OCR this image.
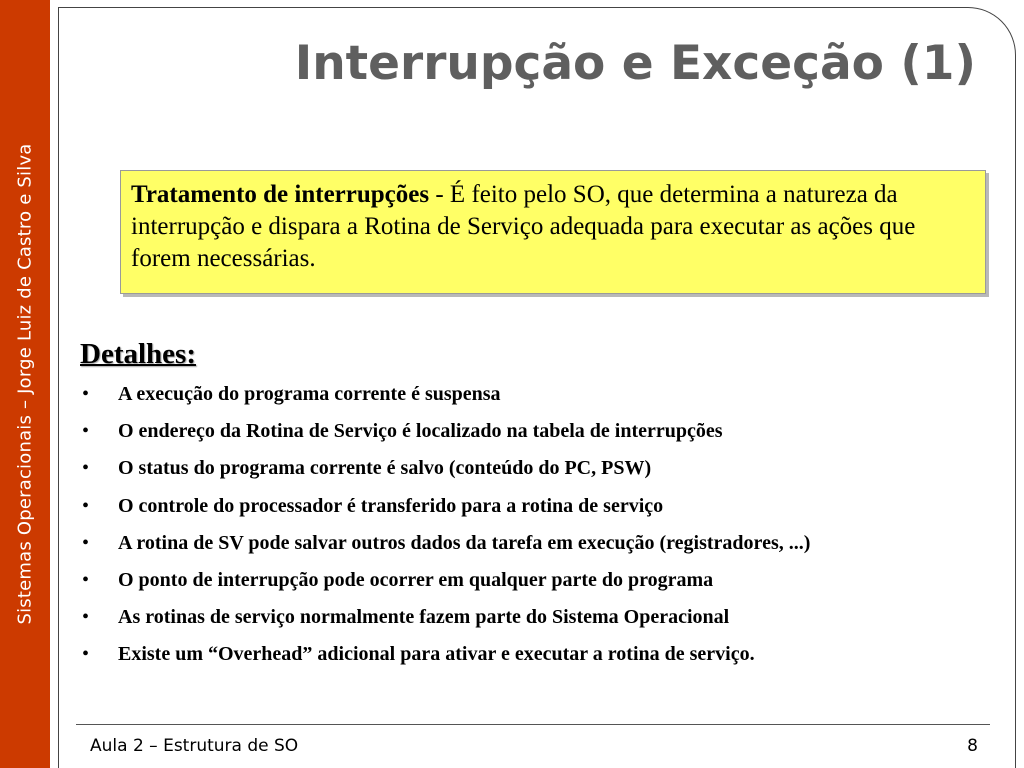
Sistemas Operacionais – Jorge Luiz de Castro e Silva
Interrupção e Exceção (1)
Tratamento de interrupções - É feito pelo SO, que determina a natureza da interrupção e dispara a Rotina de Serviço adequada para executar as ações que forem necessárias.
Detalhes:
• A execução do programa corrente é suspensa
• O endereço da Rotina de Serviço é localizado na tabela de interrupções
• O status do programa corrente é salvo (conteúdo do PC, PSW)
• O controle do processador é transferido para a rotina de serviço
• A rotina de SV pode salvar outros dados da tarefa em execução (registradores, ...)
• O ponto de interrupção pode ocorrer em qualquer parte do programa
• As rotinas de serviço normalmente fazem parte do Sistema Operacional
• Existe um “Overhead” adicional para ativar e executar a rotina de serviço.
Aula 2 – Estrutura de SO	8
